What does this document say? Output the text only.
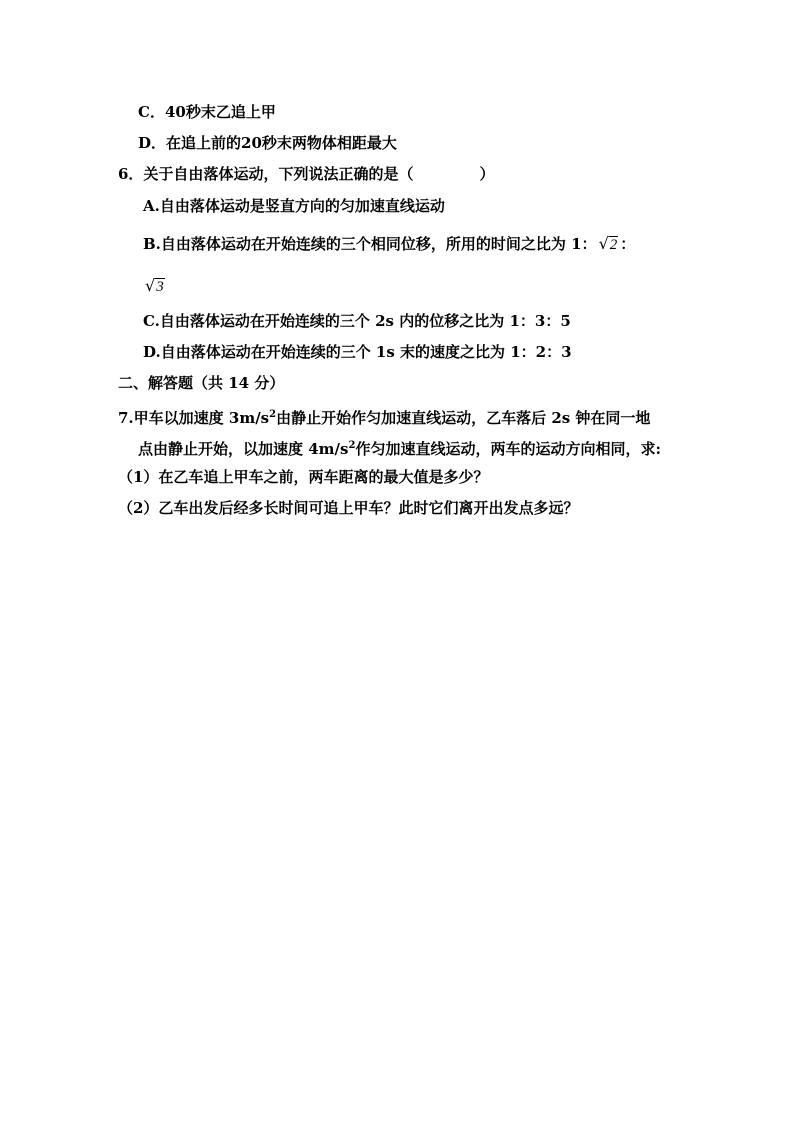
C．40秒末乙追上甲
D．在追上前的20秒末两物体相距最大
6．关于自由落体运动，下列说法正确的是（	）
A.自由落体运动是竖直方向的匀加速直线运动
B.自由落体运动在开始连续的三个相同位移，所用的时间之比为 1： √2 ：
√3
C.自由落体运动在开始连续的三个 2s 内的位移之比为 1：3：5
D.自由落体运动在开始连续的三个 1s 末的速度之比为 1：2：3
二、解答题（共 14 分）
7.甲车以加速度 $3m/s^2$由静止开始作匀加速直线运动，乙车落后 2s 钟在同一地
点由静止开始，以加速度 $4m/s^2$作匀加速直线运动，两车的运动方向相同，求:
（1）在乙车追上甲车之前，两车距离的最大值是多少？
（2）乙车出发后经多长时间可追上甲车？此时它们离开出发点多远？
